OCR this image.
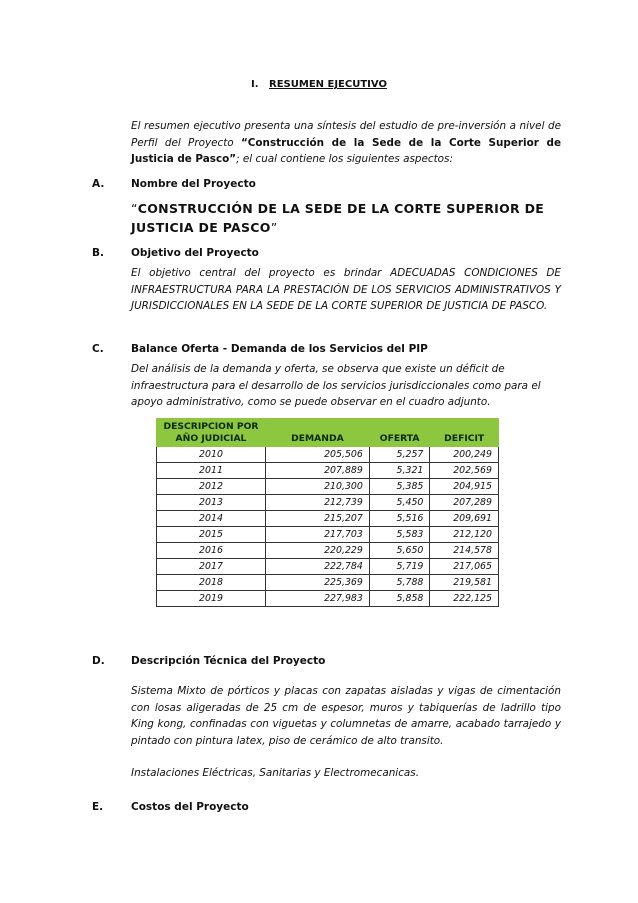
I. RESUMEN EJECUTIVO
El resumen ejecutivo presenta una síntesis del estudio de pre-inversión a nivel de Perfil del Proyecto “Construcción de la Sede de la Corte Superior de Justicia de Pasco”; el cual contiene los siguientes aspectos:
A.	Nombre del Proyecto
“CONSTRUCCIÓN DE LA SEDE DE LA CORTE SUPERIOR DE JUSTICIA DE PASCO”
B.	Objetivo del Proyecto
El objetivo central del proyecto es brindar ADECUADAS CONDICIONES DE INFRAESTRUCTURA PARA LA PRESTACIÓN DE LOS SERVICIOS ADMINISTRATIVOS Y JURISDICCIONALES EN LA SEDE DE LA CORTE SUPERIOR DE JUSTICIA DE PASCO.
C.	Balance Oferta - Demanda de los Servicios del PIP
Del análisis de la demanda y oferta, se observa que existe un déficit de infraestructura para el desarrollo de los servicios jurisdiccionales como para el apoyo administrativo, como se puede observar en el cuadro adjunto.
DESCRIPCION POR AÑO JUDICIAL	DEMANDA	OFERTA	DEFICIT
2010	205,506	5,257	200,249
2011	207,889	5,321	202,569
2012	210,300	5,385	204,915
2013	212,739	5,450	207,289
2014	215,207	5,516	209,691
2015	217,703	5,583	212,120
2016	220,229	5,650	214,578
2017	222,784	5,719	217,065
2018	225,369	5,788	219,581
2019	227,983	5,858	222,125
D.	Descripción Técnica del Proyecto
Sistema Mixto de pórticos y placas con zapatas aisladas y vigas de cimentación con losas aligeradas de 25 cm de espesor, muros y tabiquerías de ladrillo tipo King kong, confinadas con viguetas y columnetas de amarre, acabado tarrajedo y pintado con pintura latex, piso de cerámico de alto transito.
Instalaciones Eléctricas, Sanitarias y Electromecanicas.
E.	Costos del Proyecto
